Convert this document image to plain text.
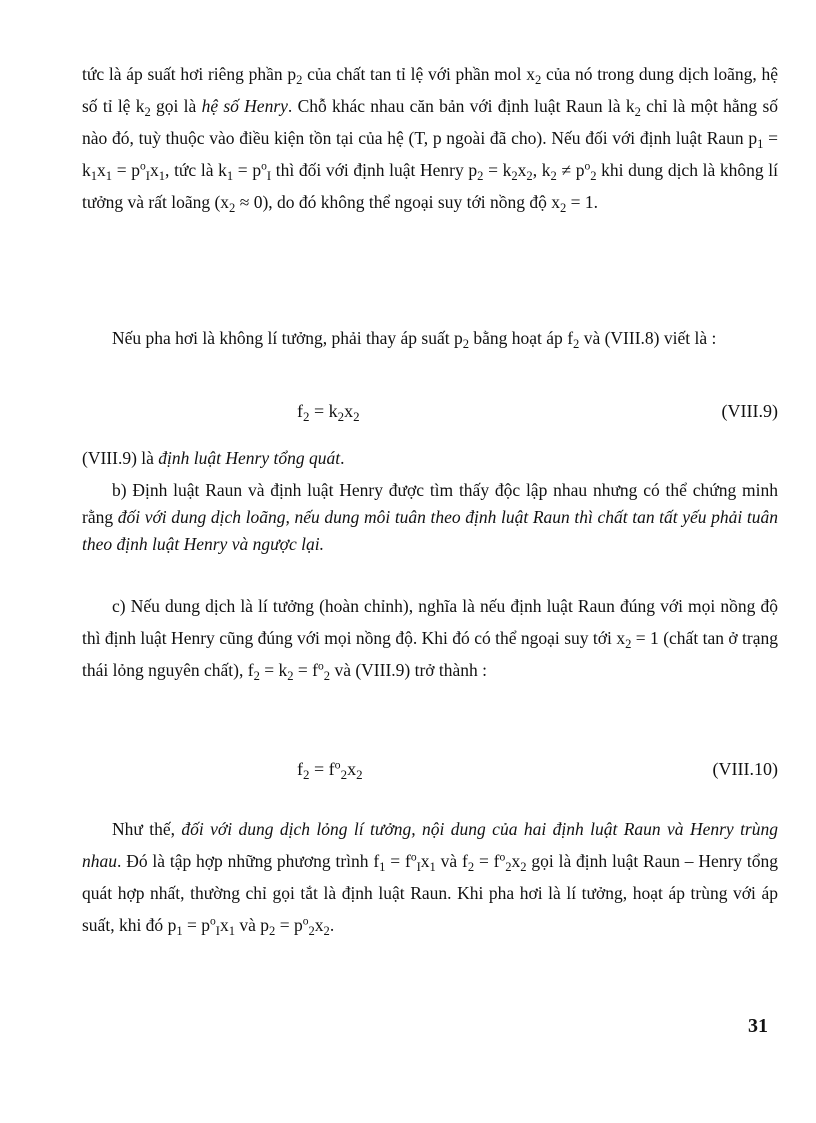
tức là áp suất hơi riêng phần $p_2$ của chất tan tỉ lệ với phần mol $x_2$ của nó trong dung dịch loãng, hệ số tỉ lệ $k_2$ gọi là hệ số Henry. Chỗ khác nhau căn bản với định luật Raun là $k_2$ chỉ là một hằng số nào đó, tuỳ thuộc vào điều kiện tồn tại của hệ (T, p ngoài đã cho). Nếu đối với định luật Raun $p_1 = k_1x_1 = p^o_Ix_1$, tức là $k_1 = p^o_I$ thì đối với định luật Henry $p_2 = k_2x_2$, $k_2 \ne p^o_2$ khi dung dịch là không lí tưởng và rất loãng $(x_2 \approx 0)$, do đó không thể ngoại suy tới nồng độ $x_2 = 1$.
Nếu pha hơi là không lí tưởng, phải thay áp suất $p_2$ bằng hoạt áp $f_2$ và (VIII.8) viết là :
$f_2 = k_2x_2$	(VIII.9)
(VIII.9) là định luật Henry tổng quát.
b) Định luật Raun và định luật Henry được tìm thấy độc lập nhau nhưng có thể chứng minh rằng đối với dung dịch loãng, nếu dung môi tuân theo định luật Raun thì chất tan tất yếu phải tuân theo định luật Henry và ngược lại.
c) Nếu dung dịch là lí tưởng (hoàn chỉnh), nghĩa là nếu định luật Raun đúng với mọi nồng độ thì định luật Henry cũng đúng với mọi nồng độ. Khi đó có thể ngoại suy tới $x_2 = 1$ (chất tan ở trạng thái lỏng nguyên chất), $f_2 = k_2 = f^o_2$ và (VIII.9) trở thành :
$f_2 = f^o_2x_2$	(VIII.10)
Như thế, đối với dung dịch lỏng lí tưởng, nội dung của hai định luật Raun và Henry trùng nhau. Đó là tập hợp những phương trình $f_1 = f^o_Ix_1$ và $f_2 = f^o_2x_2$ gọi là định luật Raun – Henry tổng quát hợp nhất, thường chỉ gọi tắt là định luật Raun. Khi pha hơi là lí tưởng, hoạt áp trùng với áp suất, khi đó $p_1 = p^o_Ix_1$ và $p_2 = p^o_2x_2$.
31
